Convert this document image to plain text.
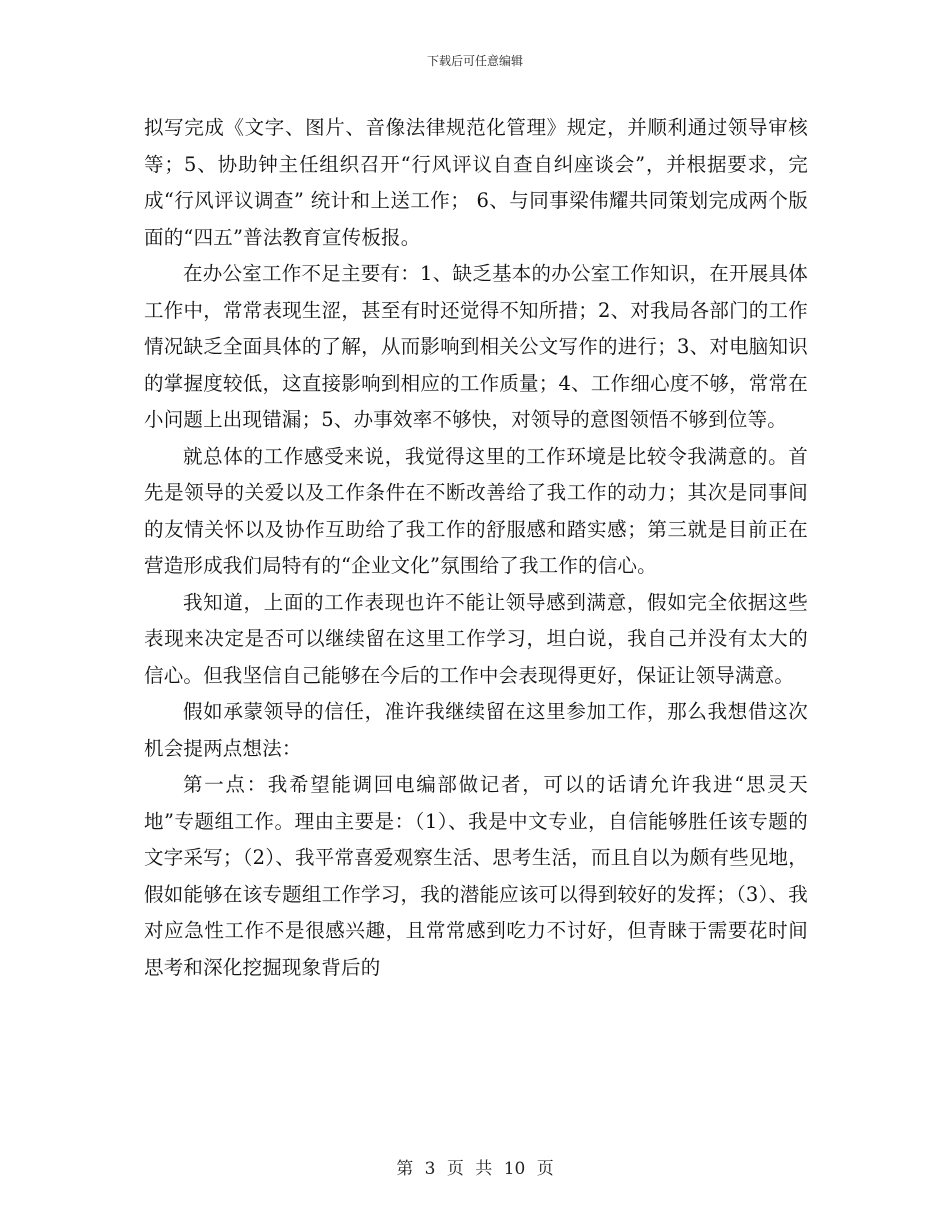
下载后可任意编辑

拟写完成《文字、图片、音像法律规范化管理》规定，并顺利通过领导审核等；5、协助钟主任组织召开“行风评议自查自纠座谈会”，并根据要求，完成“行风评议调查” 统计和上送工作； 6、与同事梁伟耀共同策划完成两个版面的“四五”普法教育宣传板报。

在办公室工作不足主要有：1、缺乏基本的办公室工作知识，在开展具体工作中，常常表现生涩，甚至有时还觉得不知所措；2、对我局各部门的工作情况缺乏全面具体的了解，从而影响到相关公文写作的进行；3、对电脑知识的掌握度较低，这直接影响到相应的工作质量；4、工作细心度不够，常常在小问题上出现错漏；5、办事效率不够快，对领导的意图领悟不够到位等。

就总体的工作感受来说，我觉得这里的工作环境是比较令我满意的。首先是领导的关爱以及工作条件在不断改善给了我工作的动力；其次是同事间的友情关怀以及协作互助给了我工作的舒服感和踏实感；第三就是目前正在营造形成我们局特有的“企业文化”氛围给了我工作的信心。

我知道，上面的工作表现也许不能让领导感到满意，假如完全依据这些表现来决定是否可以继续留在这里工作学习，坦白说，我自己并没有太大的信心。但我坚信自己能够在今后的工作中会表现得更好，保证让领导满意。

假如承蒙领导的信任，准许我继续留在这里参加工作，那么我想借这次机会提两点想法：

第一点：我希望能调回电编部做记者，可以的话请允许我进“思灵天地”专题组工作。理由主要是：（1）、我是中文专业，自信能够胜任该专题的文字采写；（2）、我平常喜爱观察生活、思考生活，而且自以为颇有些见地，假如能够在该专题组工作学习，我的潜能应该可以得到较好的发挥；（3）、我对应急性工作不是很感兴趣，且常常感到吃力不讨好，但青睐于需要花时间思考和深化挖掘现象背后的

第 3 页 共 10 页
